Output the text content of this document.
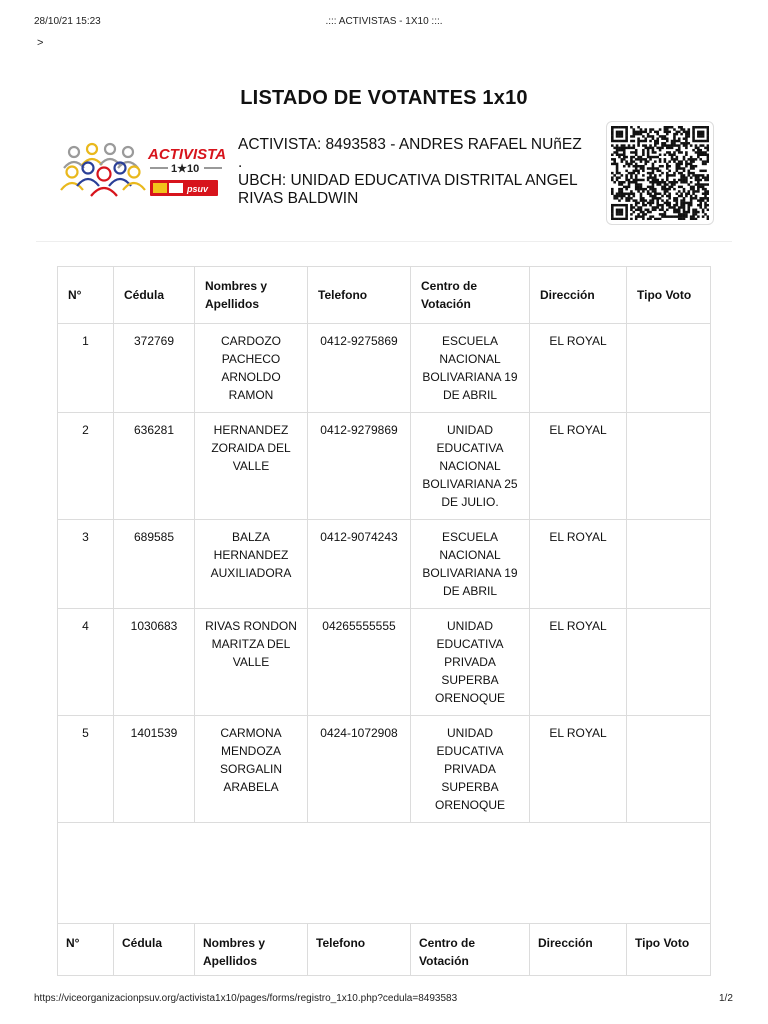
28/10/21 15:23	.::: ACTIVISTAS - 1X10 :::.
>
LISTADO DE VOTANTES 1x10
ACTIVISTA
1★10
psuv

ACTIVISTA: 8493583 - ANDRES RAFAEL NUñEZ

.

UBCH: UNIDAD EDUCATIVA DISTRITAL ANGEL

RIVAS BALDWIN

N°	Cédula	Nombres y Apellidos	Telefono	Centro de Votación	Dirección	Tipo Voto

1	372769	CARDOZO PACHECO ARNOLDO RAMON	0412-9275869	ESCUELA NACIONAL BOLIVARIANA 19 DE ABRIL	EL ROYAL	

2	636281	HERNANDEZ ZORAIDA DEL VALLE	0412-9279869	UNIDAD EDUCATIVA NACIONAL BOLIVARIANA 25 DE JULIO.	EL ROYAL	

3	689585	BALZA HERNANDEZ AUXILIADORA	0412-9074243	ESCUELA NACIONAL BOLIVARIANA 19 DE ABRIL	EL ROYAL	

4	1030683	RIVAS RONDON MARITZA DEL VALLE	04265555555	UNIDAD EDUCATIVA PRIVADA SUPERBA ORENOQUE	EL ROYAL	

5	1401539	CARMONA MENDOZA SORGALIN ARABELA	0424-1072908	UNIDAD EDUCATIVA PRIVADA SUPERBA ORENOQUE	EL ROYAL	

N°	Cédula	Nombres y Apellidos	Telefono	Centro de Votación	Dirección	Tipo Voto
https://viceorganizacionpsuv.org/activista1x10/pages/forms/registro_1x10.php?cedula=8493583	1/2
